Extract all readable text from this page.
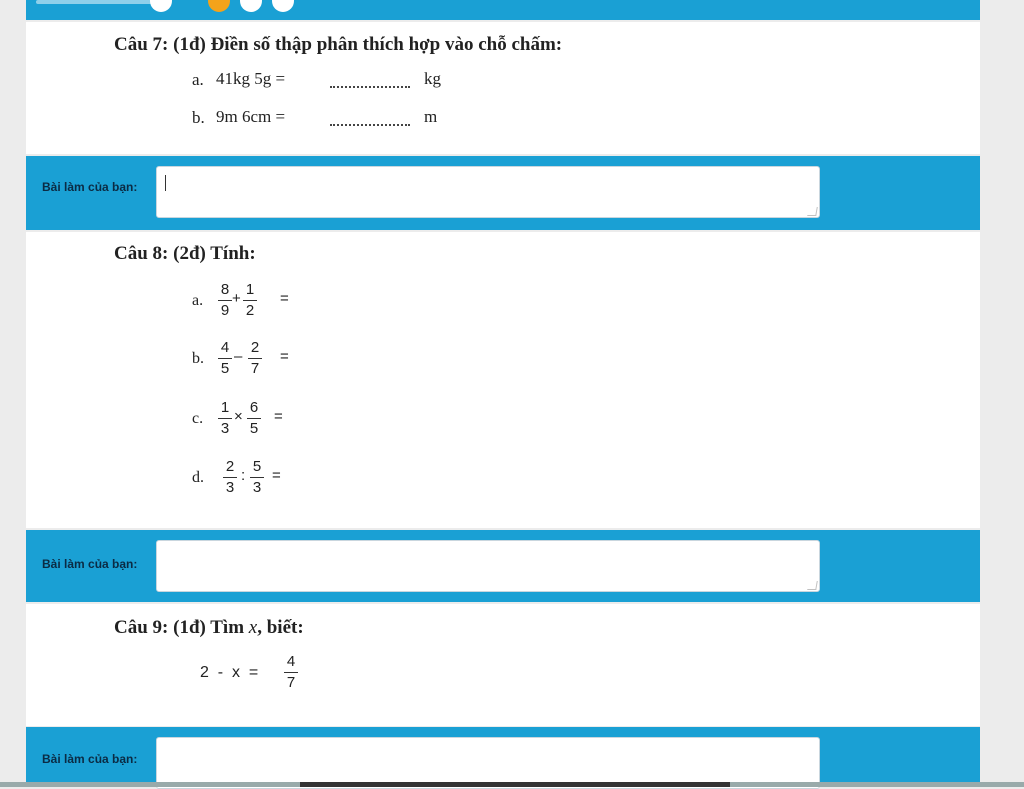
Câu 7: (1đ) Điền số thập phân thích hợp vào chỗ chấm:
a. 41kg 5g =	kg
b. 9m 6cm =	m
Bài làm của bạn:
Câu 8: (2đ) Tính:
a.
8
9
+
1
2
=
b.
4
5
–
2
7
=
c.
1
3
×
6
5
=
d.
2
3
:
5
3
=
Bài làm của bạn:
Câu 9: (1đ) Tìm x, biết:
2  -  x  =
4
7
Bài làm của bạn:
